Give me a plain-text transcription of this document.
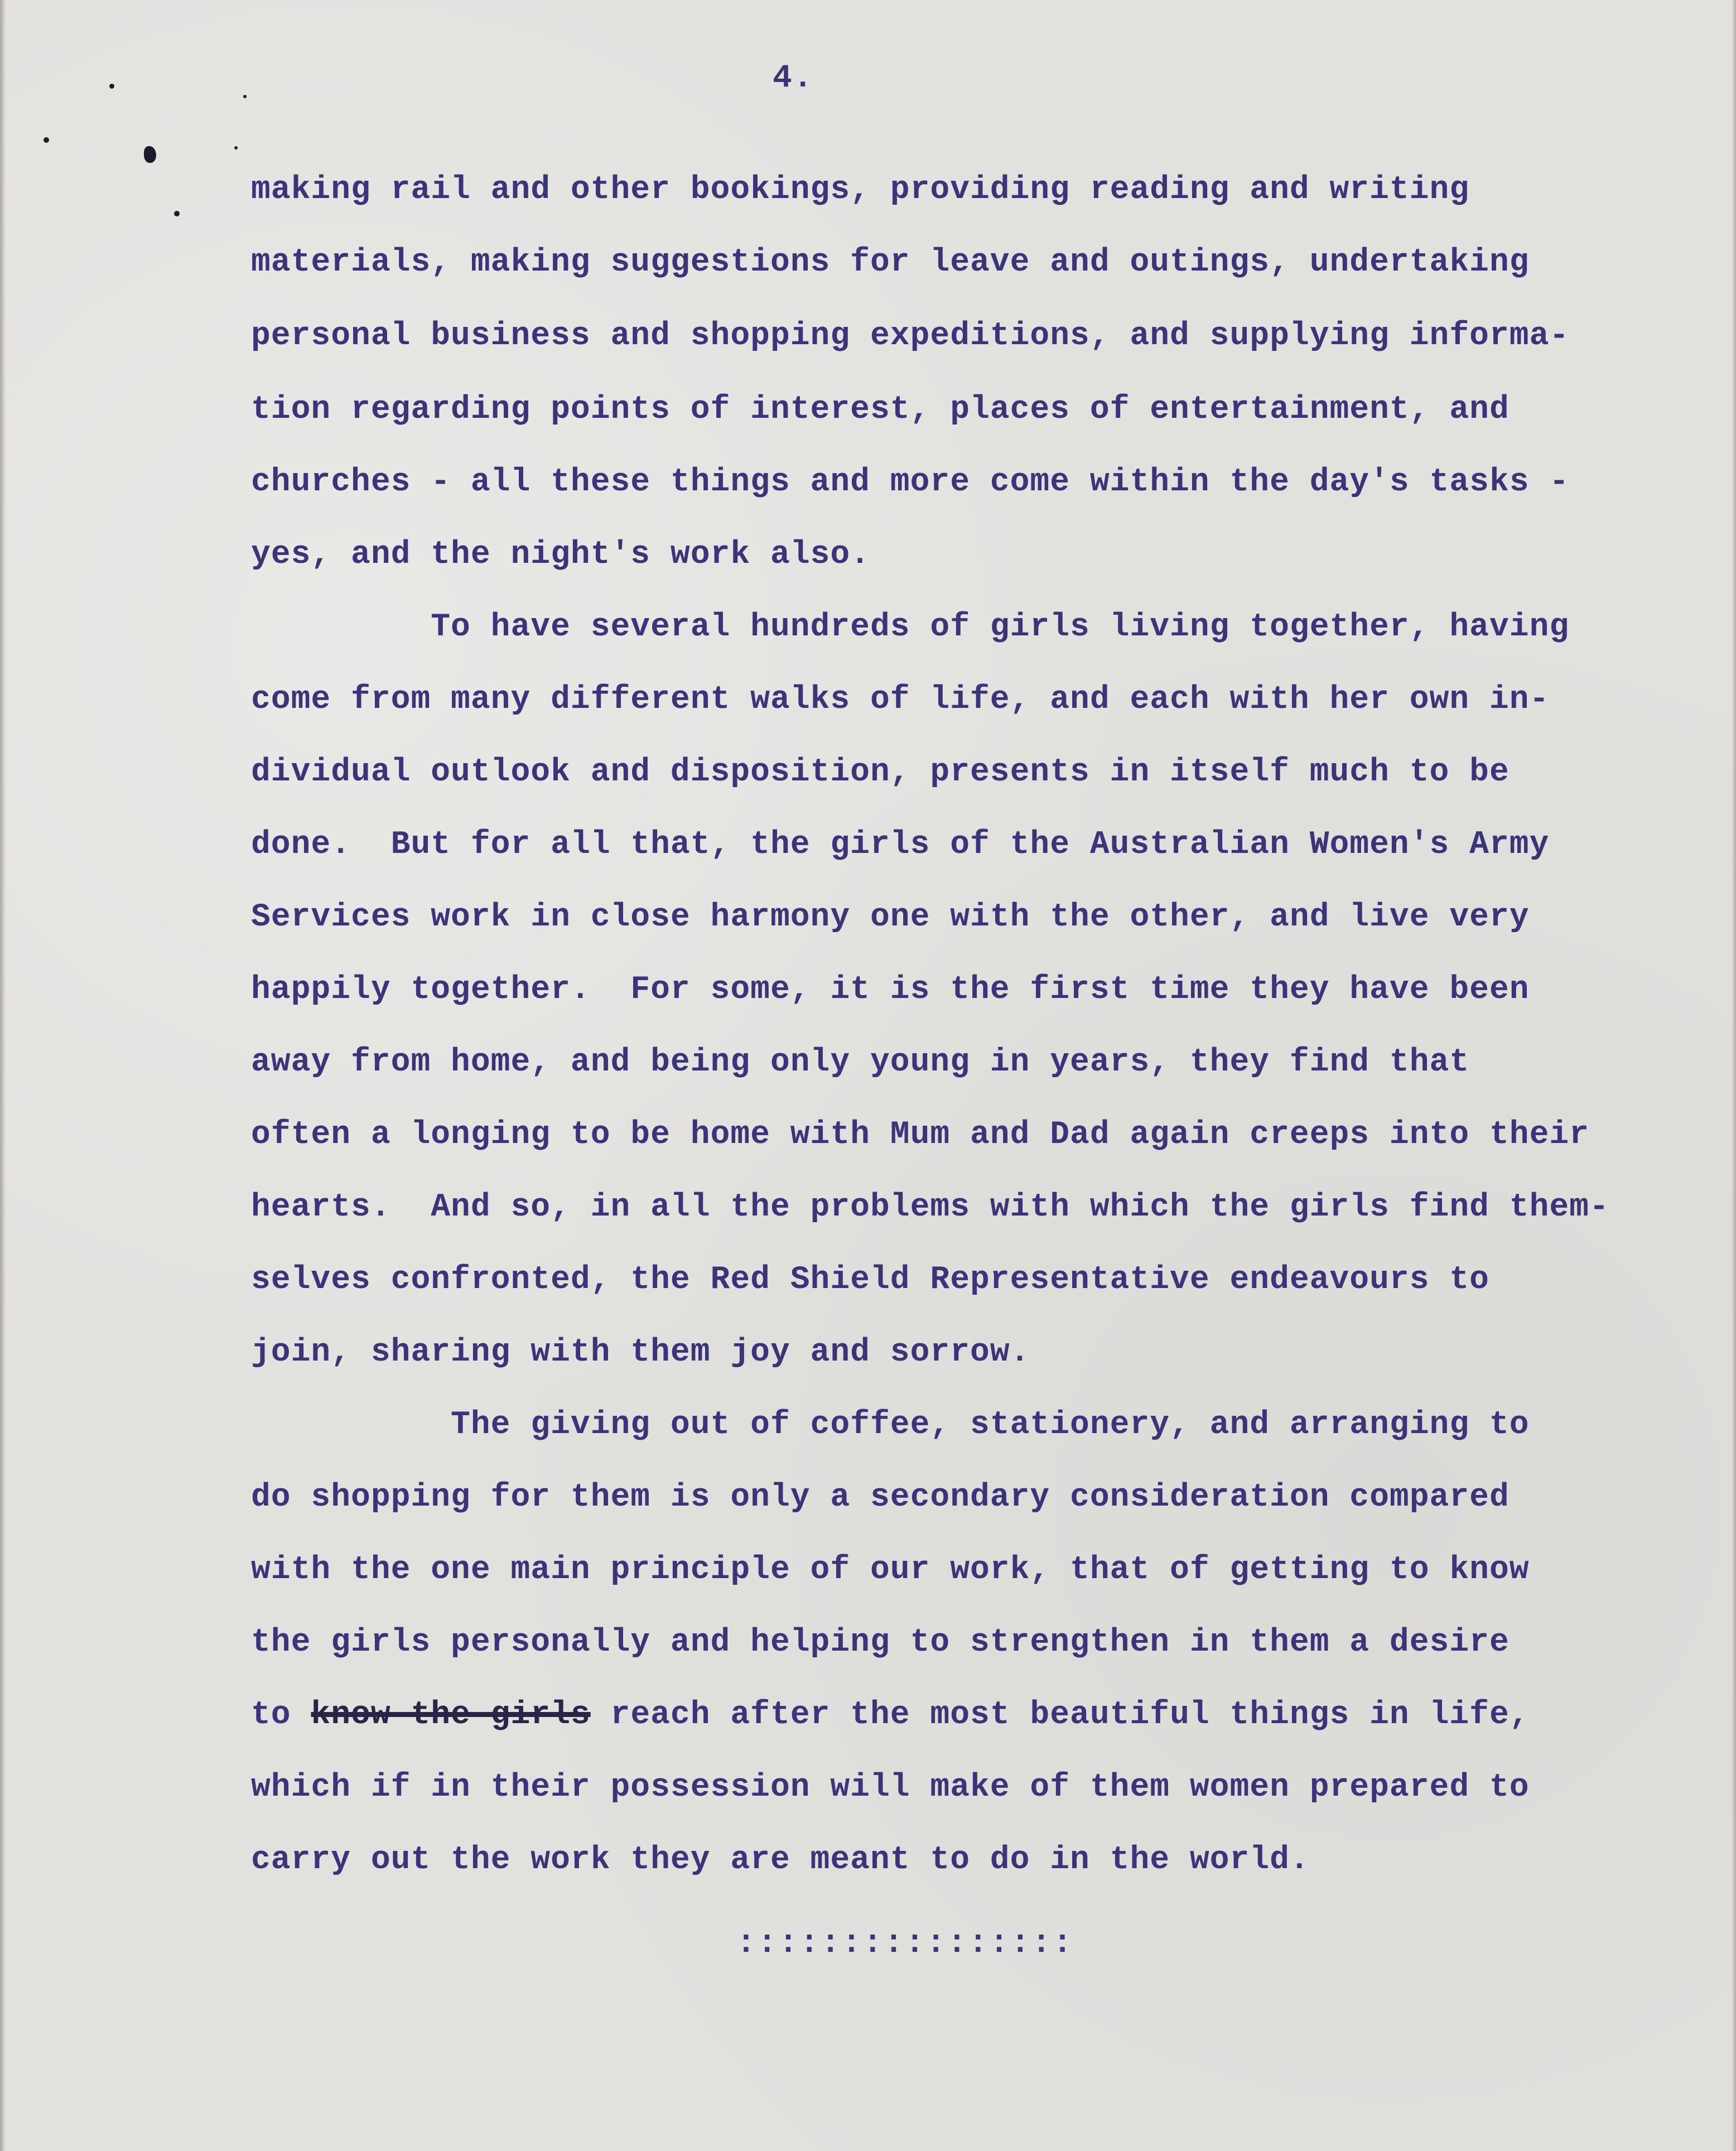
4.

making rail and other bookings, providing reading and writing

materials, making suggestions for leave and outings, undertaking

personal business and shopping expeditions, and supplying informa-

tion regarding points of interest, places of entertainment, and

churches - all these things and more come within the day's tasks -

yes, and the night's work also.

To have several hundreds of girls living together, having

come from many different walks of life, and each with her own in-

dividual outlook and disposition, presents in itself much to be

done.  But for all that, the girls of the Australian Women's Army

Services work in close harmony one with the other, and live very

happily together.  For some, it is the first time they have been

away from home, and being only young in years, they find that

often a longing to be home with Mum and Dad again creeps into their

hearts.  And so, in all the problems with which the girls find them-

selves confronted, the Red Shield Representative endeavours to

join, sharing with them joy and sorrow.

The giving out of coffee, stationery, and arranging to

do shopping for them is only a secondary consideration compared

with the one main principle of our work, that of getting to know

the girls personally and helping to strengthen in them a desire

to know the girls reach after the most beautiful things in life,

which if in their possession will make of them women prepared to

carry out the work they are meant to do in the world.

::::::::::::::::
